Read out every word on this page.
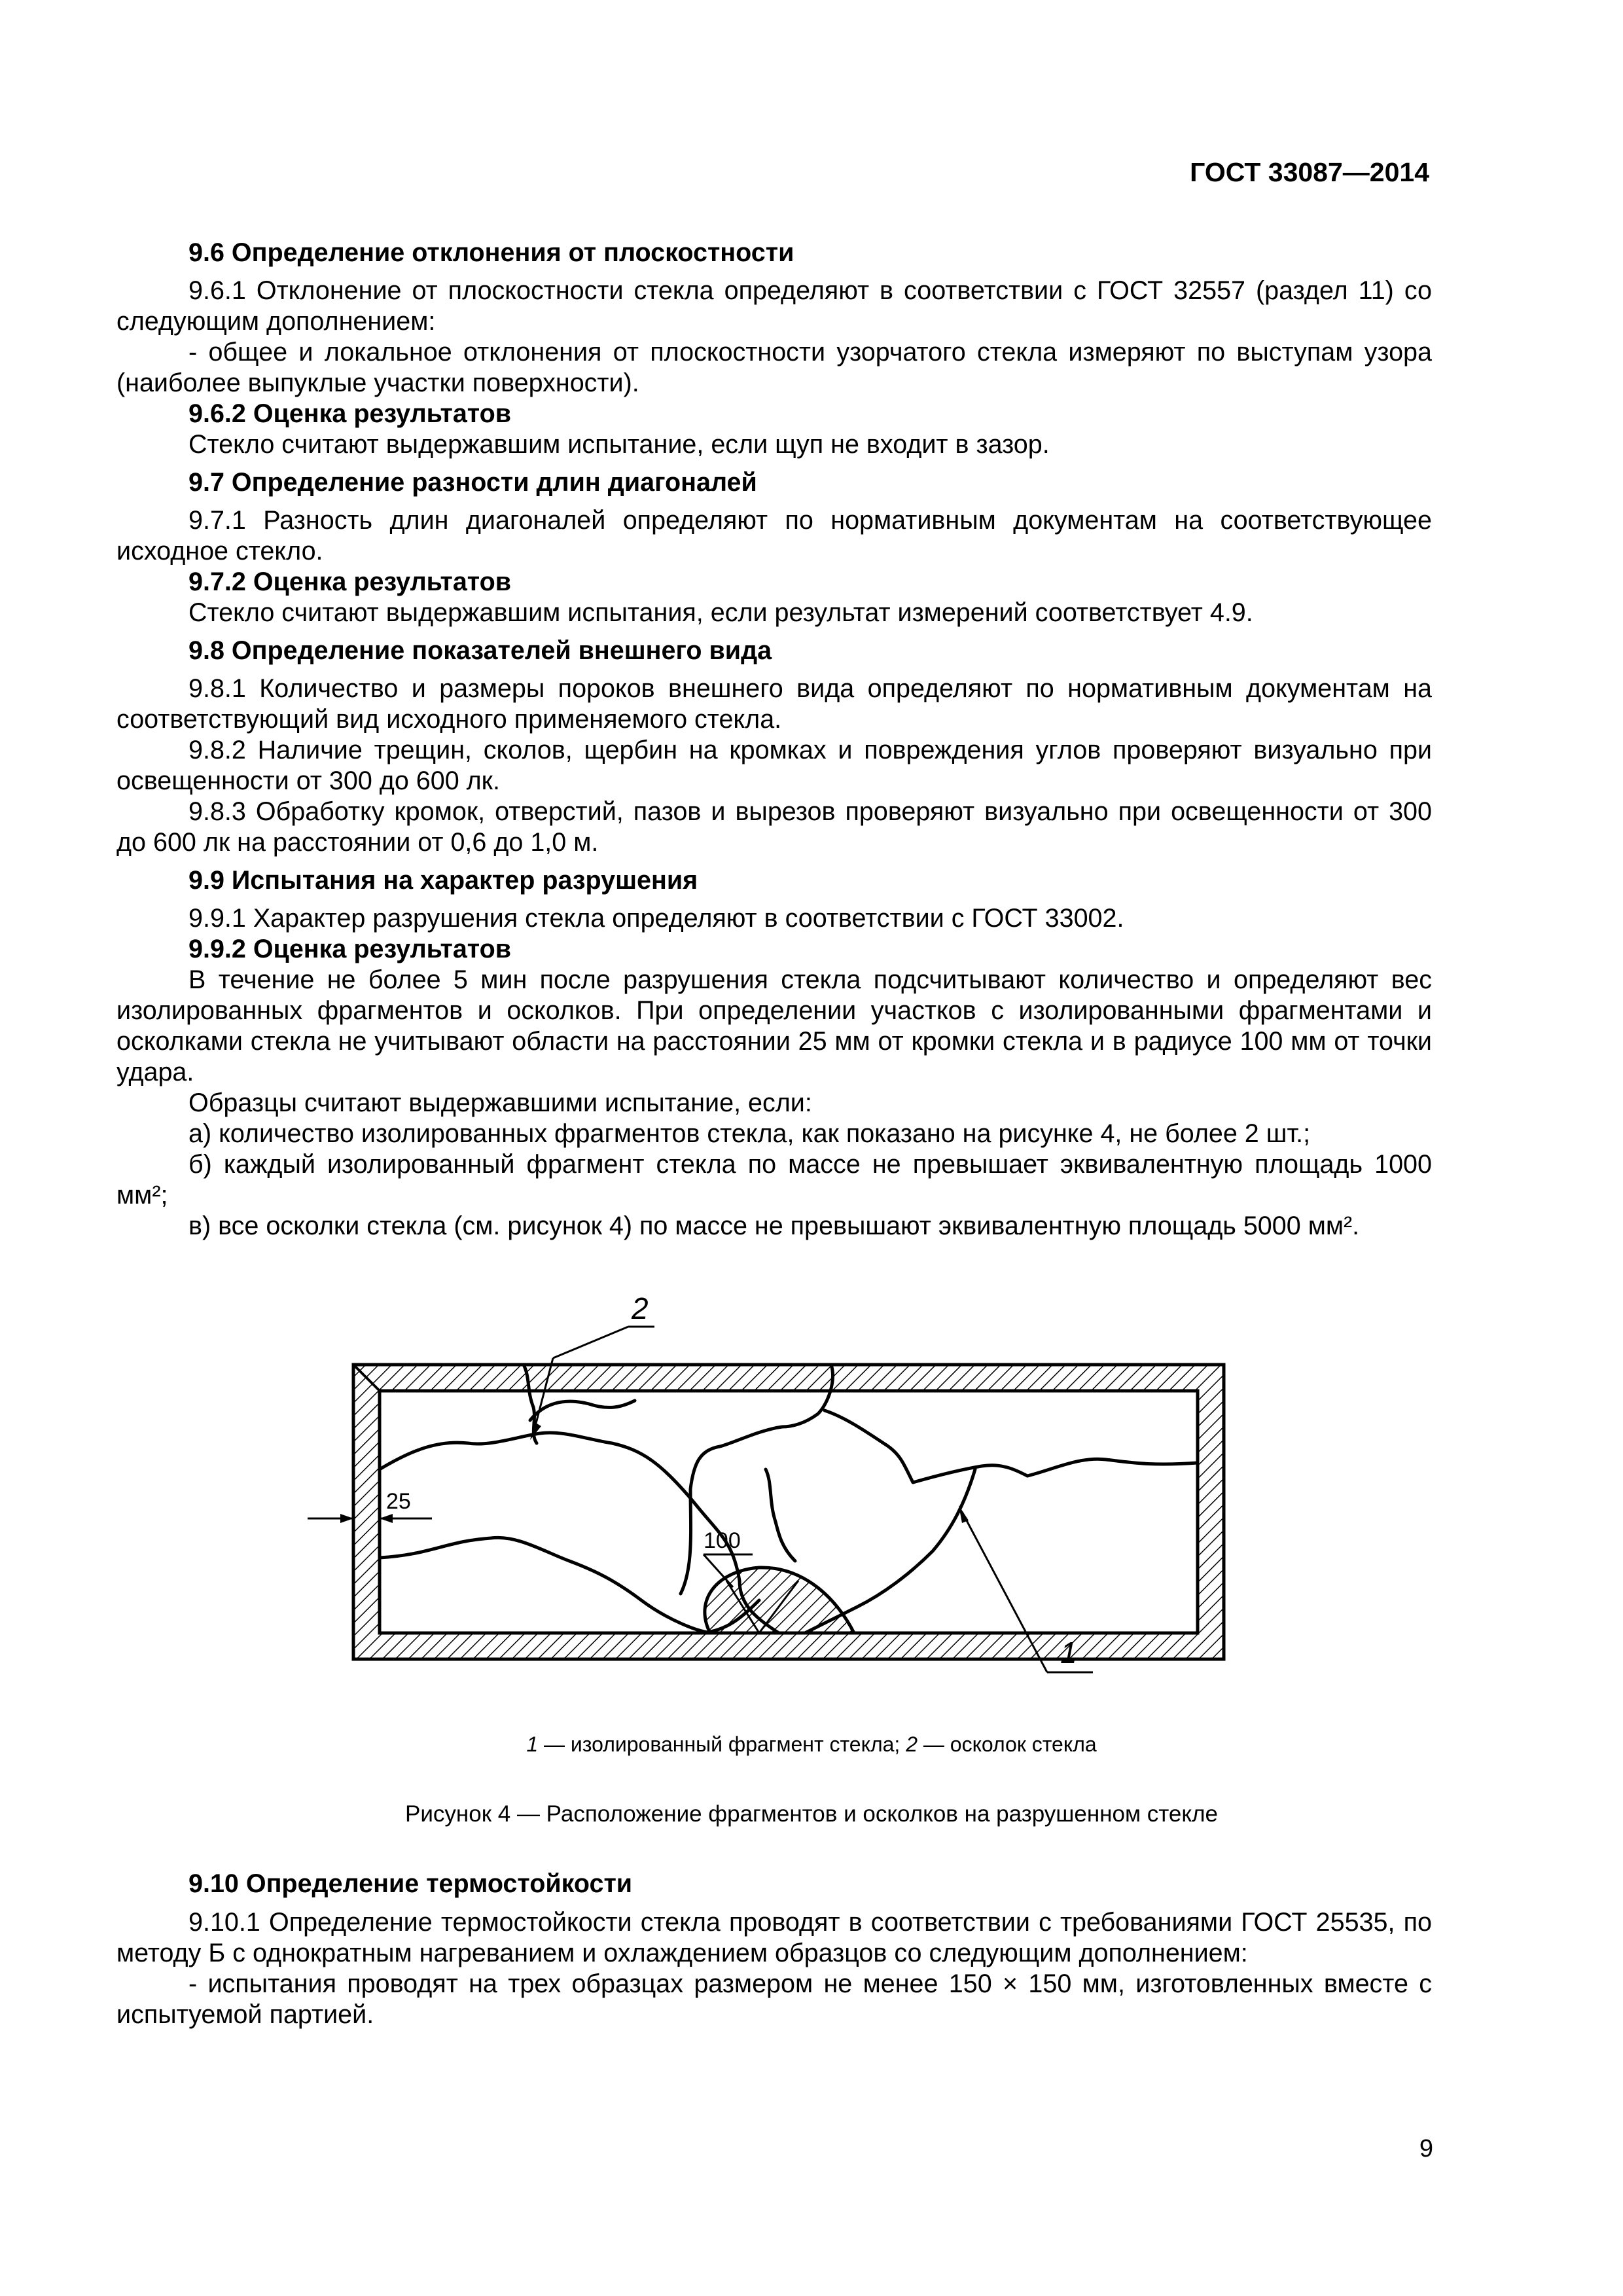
ГОСТ 33087—2014

9.6 Определение отклонения от плоскостности

9.6.1 Отклонение от плоскостности стекла определяют в соответствии с ГОСТ 32557 (раздел 11) со следующим дополнением:

- общее и локальное отклонения от плоскостности узорчатого стекла измеряют по выступам узора (наиболее выпуклые участки поверхности).

9.6.2 Оценка результатов

Стекло считают выдержавшим испытание, если щуп не входит в зазор.

9.7 Определение разности длин диагоналей

9.7.1 Разность длин диагоналей определяют по нормативным документам на соответствующее исходное стекло.

9.7.2 Оценка результатов

Стекло считают выдержавшим испытания, если результат измерений соответствует 4.9.

9.8 Определение показателей внешнего вида

9.8.1 Количество и размеры пороков внешнего вида определяют по нормативным документам на соответствующий вид исходного применяемого стекла.

9.8.2 Наличие трещин, сколов, щербин на кромках и повреждения углов проверяют визуально при освещенности от 300 до 600 лк.

9.8.3 Обработку кромок, отверстий, пазов и вырезов проверяют визуально при освещенности от 300 до 600 лк на расстоянии от 0,6 до 1,0 м.

9.9 Испытания на характер разрушения

9.9.1 Характер разрушения стекла определяют в соответствии с ГОСТ 33002.

9.9.2 Оценка результатов

В течение не более 5 мин после разрушения стекла подсчитывают количество и определяют вес изолированных фрагментов и осколков. При определении участков с изолированными фрагментами и осколками стекла не учитывают области на расстоянии 25 мм от кромки стекла и в радиусе 100 мм от точки удара.

Образцы считают выдержавшими испытание, если:

а) количество изолированных фрагментов стекла, как показано на рисунке 4, не более 2 шт.;

б) каждый изолированный фрагмент стекла по массе не превышает эквивалентную площадь 1000 мм²;

в) все осколки стекла (см. рисунок 4) по массе не превышают эквивалентную площадь 5000 мм².

2
1
25
100
1 — изолированный фрагмент стекла; 2 — осколок стекла
Рисунок 4 — Расположение фрагментов и осколков на разрушенном стекле

9.10 Определение термостойкости

9.10.1 Определение термостойкости стекла проводят в соответствии с требованиями ГОСТ 25535, по методу Б с однократным нагреванием и охлаждением образцов со следующим дополнением:

- испытания проводят на трех образцах размером не менее 150 × 150 мм, изготовленных вместе с испытуемой партией.

9
